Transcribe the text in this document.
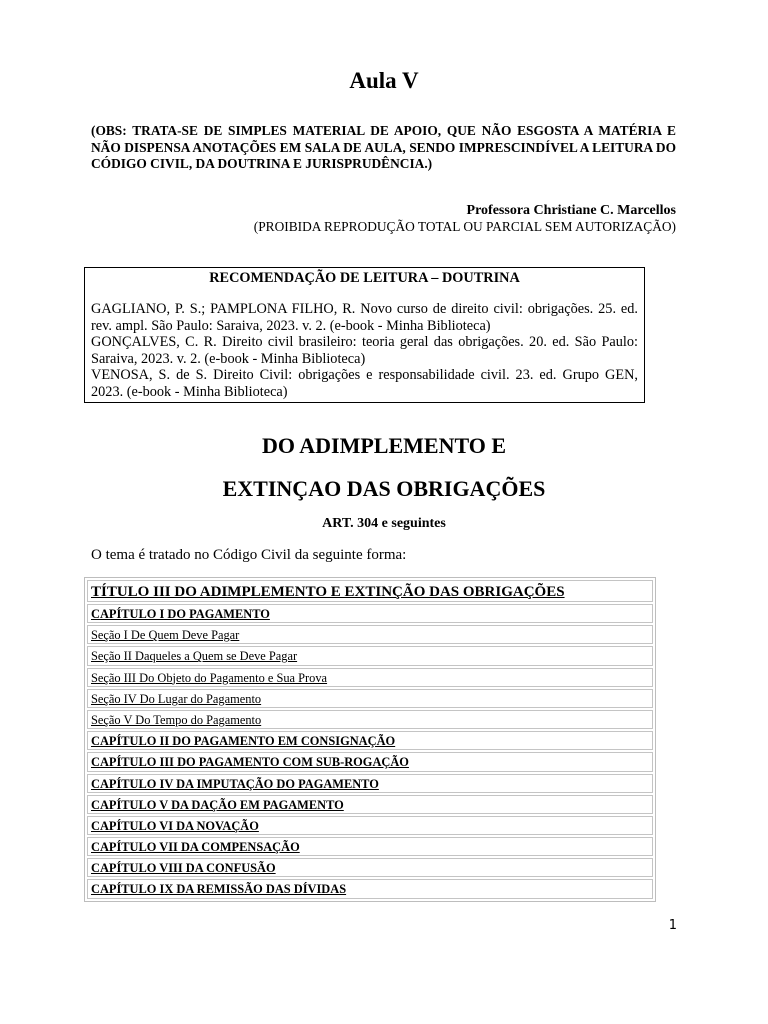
Aula V
(OBS: TRATA-SE DE SIMPLES MATERIAL DE APOIO, QUE NÃO ESGOSTA A MATÉRIA E NÃO DISPENSA ANOTAÇÕES EM SALA DE AULA, SENDO IMPRESCINDÍVEL A LEITURA DO CÓDIGO CIVIL, DA DOUTRINA E JURISPRUDÊNCIA.)
Professora Christiane C. Marcellos
(PROIBIDA REPRODUÇÃO TOTAL OU PARCIAL SEM AUTORIZAÇÃO)
RECOMENDAÇÃO DE LEITURA – DOUTRINA
GAGLIANO, P. S.; PAMPLONA FILHO, R. Novo curso de direito civil: obrigações. 25. ed. rev. ampl. São Paulo: Saraiva, 2023. v. 2. (e-book - Minha Biblioteca)
GONÇALVES, C. R. Direito civil brasileiro: teoria geral das obrigações. 20. ed. São Paulo: Saraiva, 2023. v. 2. (e-book - Minha Biblioteca)
VENOSA, S. de S. Direito Civil: obrigações e responsabilidade civil. 23. ed. Grupo GEN, 2023. (e-book - Minha Biblioteca)
DO ADIMPLEMENTO E
EXTINÇAO DAS OBRIGAÇÕES
ART. 304 e seguintes
O tema é tratado no Código Civil da seguinte forma:
TÍTULO III DO ADIMPLEMENTO E EXTINÇÃO DAS OBRIGAÇÕES
CAPÍTULO I DO PAGAMENTO
Seção I De Quem Deve Pagar
Seção II Daqueles a Quem se Deve Pagar
Seção III Do Objeto do Pagamento e Sua Prova
Seção IV Do Lugar do Pagamento
Seção V Do Tempo do Pagamento
CAPÍTULO II DO PAGAMENTO EM CONSIGNAÇÃO
CAPÍTULO III DO PAGAMENTO COM SUB-ROGAÇÃO
CAPÍTULO IV DA IMPUTAÇÃO DO PAGAMENTO
CAPÍTULO V DA DAÇÃO EM PAGAMENTO
CAPÍTULO VI DA NOVAÇÃO
CAPÍTULO VII DA COMPENSAÇÃO
CAPÍTULO VIII DA CONFUSÃO
CAPÍTULO IX DA REMISSÃO DAS DÍVIDAS
1
